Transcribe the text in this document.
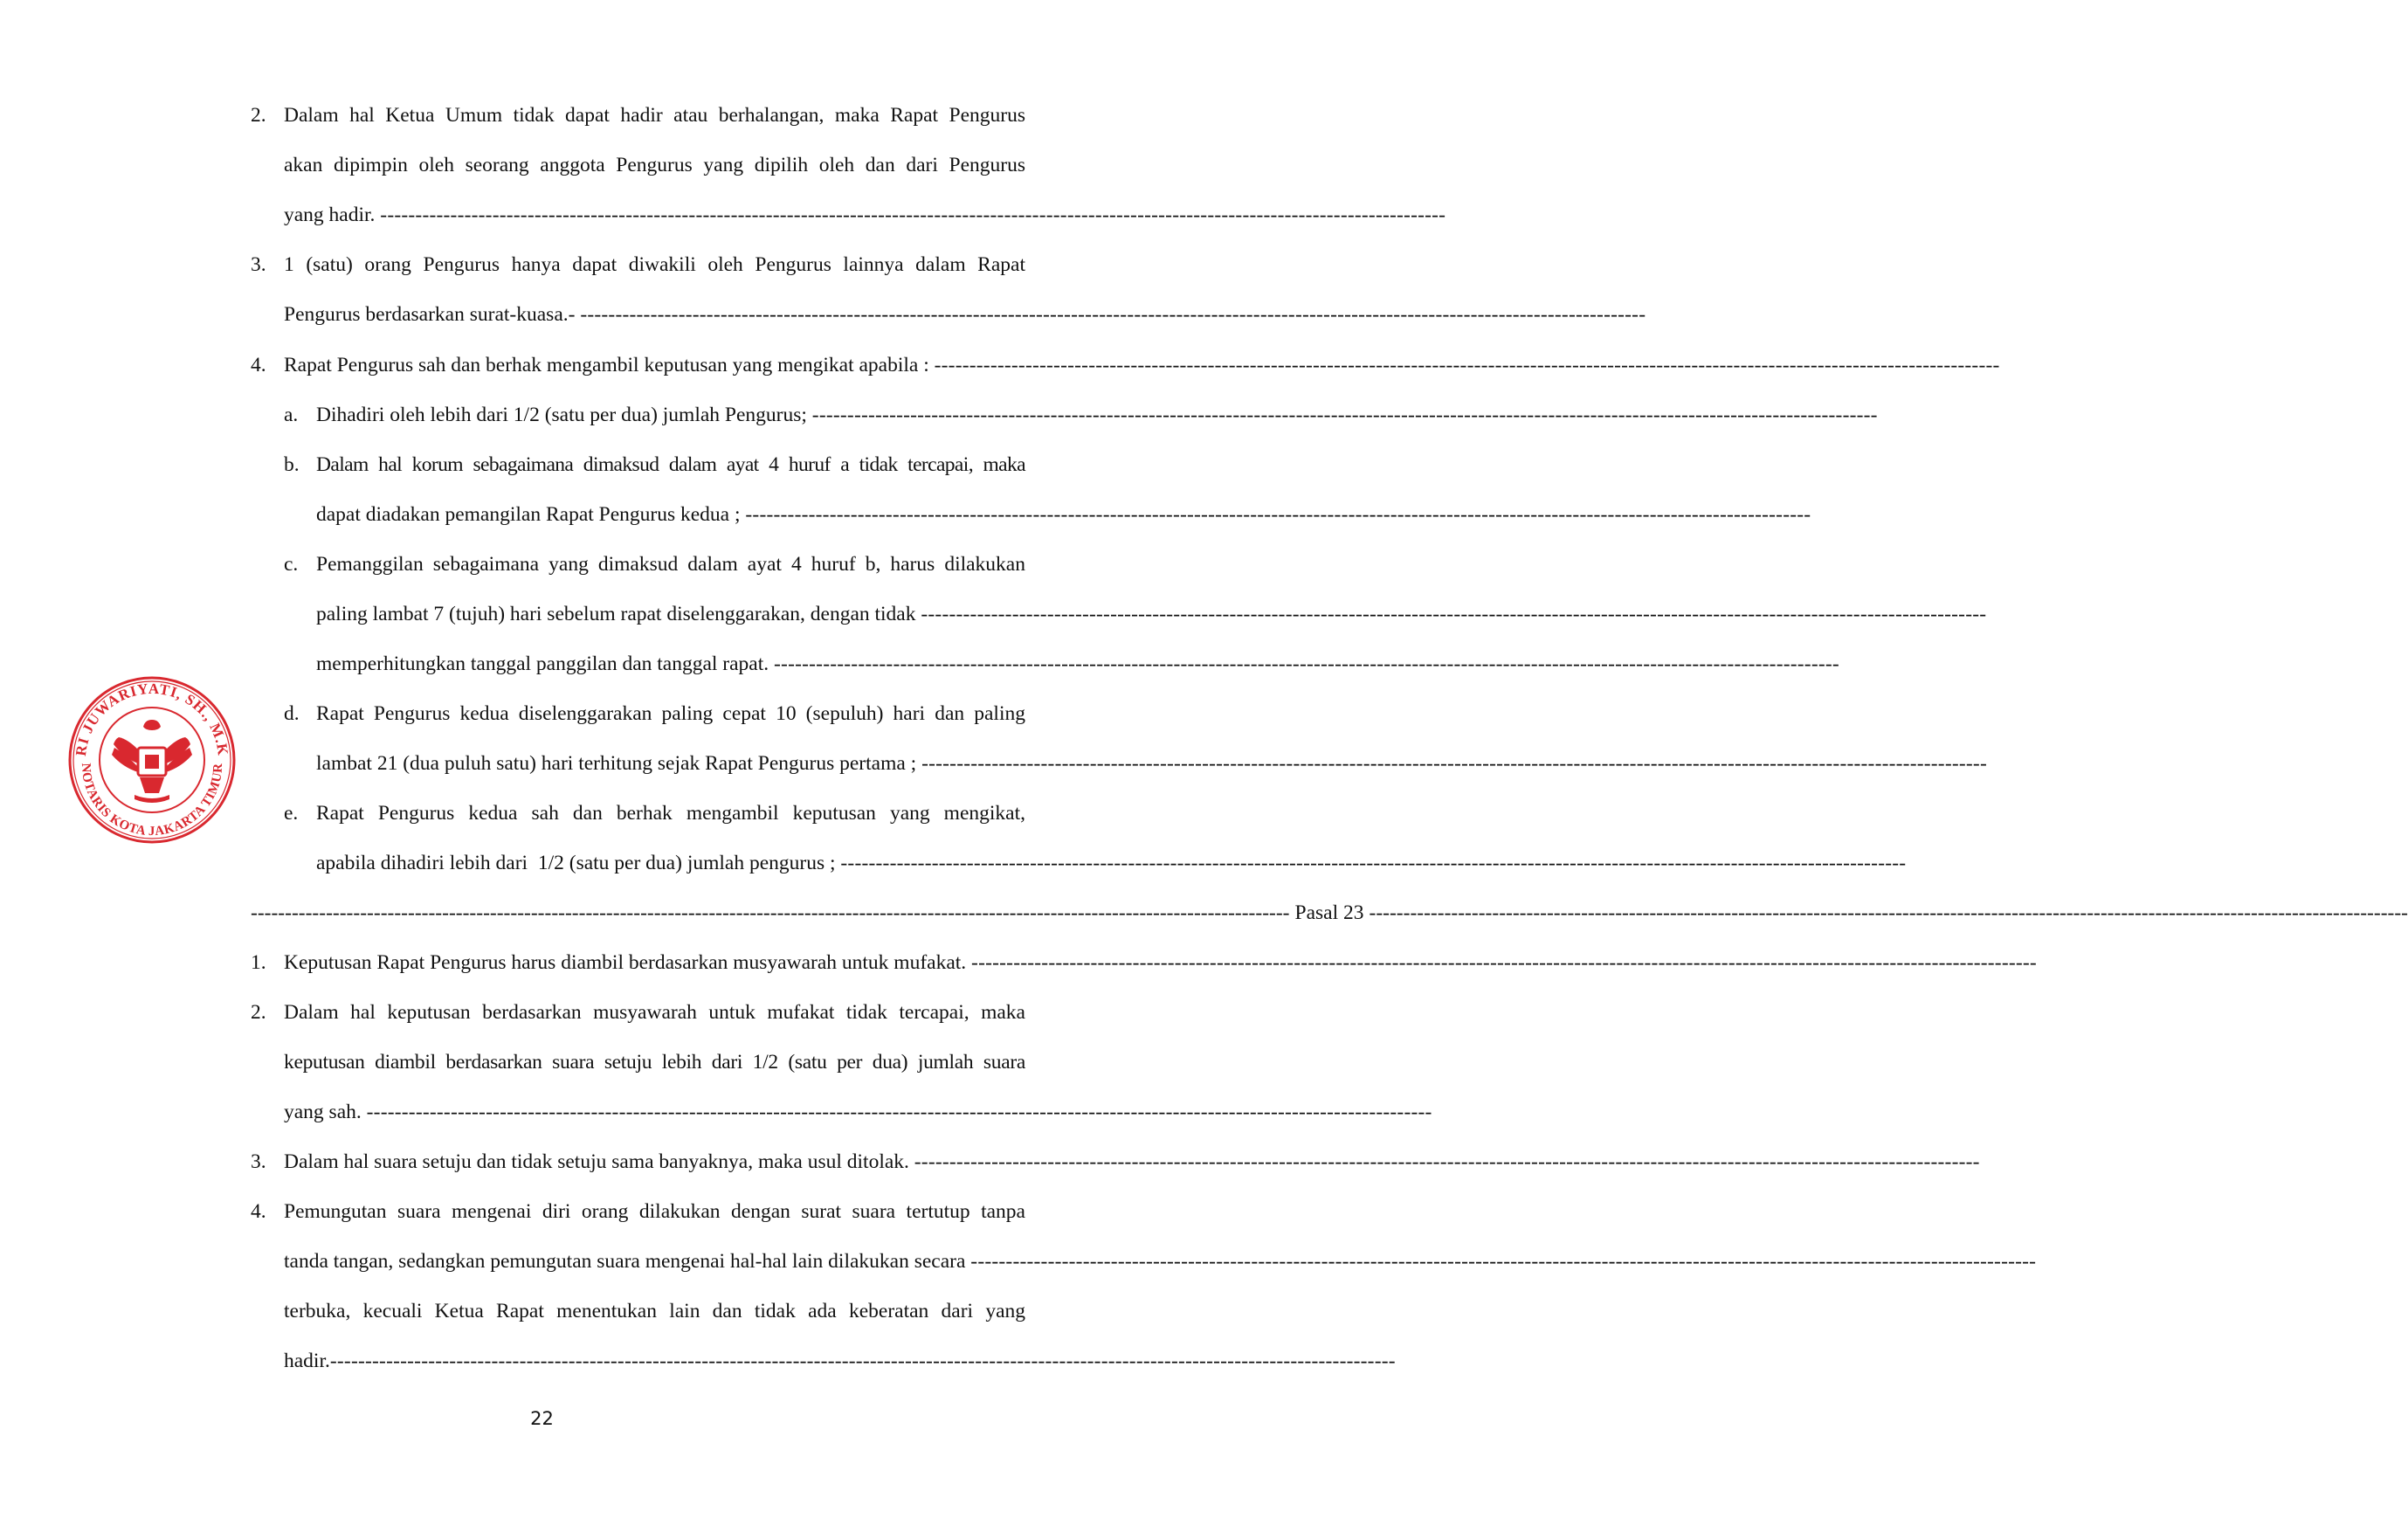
RI JUWARIYATI, SH., M.K
NOTARIS KOTA JAKARTA TIMUR
2. Dalam hal Ketua Umum tidak dapat hadir atau berhalangan, maka Rapat Pengurus
akan dipimpin oleh seorang anggota Pengurus yang dipilih oleh dan dari Pengurus
yang hadir. --------------------------------------------------------------------------------------------------------------------------------------------------------
3. 1 (satu) orang Pengurus hanya dapat diwakili oleh Pengurus lainnya dalam Rapat
Pengurus berdasarkan surat-kuasa.- --------------------------------------------------------------------------------------------------------------------------------------------------------
4. Rapat Pengurus sah dan berhak mengambil keputusan yang mengikat apabila : --------------------------------------------------------------------------------------------------------------------------------------------------------
a. Dihadiri oleh lebih dari 1/2 (satu per dua) jumlah Pengurus; --------------------------------------------------------------------------------------------------------------------------------------------------------
b. Dalam hal korum sebagaimana dimaksud dalam ayat 4 huruf a tidak tercapai, maka
dapat diadakan pemangilan Rapat Pengurus kedua ; --------------------------------------------------------------------------------------------------------------------------------------------------------
c. Pemanggilan sebagaimana yang dimaksud dalam ayat 4 huruf b, harus dilakukan
paling lambat 7 (tujuh) hari sebelum rapat diselenggarakan, dengan tidak --------------------------------------------------------------------------------------------------------------------------------------------------------
memperhitungkan tanggal panggilan dan tanggal rapat. --------------------------------------------------------------------------------------------------------------------------------------------------------
d. Rapat Pengurus kedua diselenggarakan paling cepat 10 (sepuluh) hari dan paling
lambat 21 (dua puluh satu) hari terhitung sejak Rapat Pengurus pertama ; --------------------------------------------------------------------------------------------------------------------------------------------------------
e. Rapat Pengurus kedua sah dan berhak mengambil keputusan yang mengikat,
apabila dihadiri lebih dari  1/2 (satu per dua) jumlah pengurus ; --------------------------------------------------------------------------------------------------------------------------------------------------------
-------------------------------------------------------------------------------------------------------------------------------------------------------- Pasal 23 --------------------------------------------------------------------------------------------------------------------------------------------------------
1. Keputusan Rapat Pengurus harus diambil berdasarkan musyawarah untuk mufakat. --------------------------------------------------------------------------------------------------------------------------------------------------------
2. Dalam hal keputusan berdasarkan musyawarah untuk mufakat tidak tercapai, maka
keputusan diambil berdasarkan suara setuju lebih dari 1/2 (satu per dua) jumlah suara
yang sah. --------------------------------------------------------------------------------------------------------------------------------------------------------
3. Dalam hal suara setuju dan tidak setuju sama banyaknya, maka usul ditolak. --------------------------------------------------------------------------------------------------------------------------------------------------------
4. Pemungutan suara mengenai diri orang dilakukan dengan surat suara tertutup tanpa
tanda tangan, sedangkan pemungutan suara mengenai hal-hal lain dilakukan secara --------------------------------------------------------------------------------------------------------------------------------------------------------
terbuka, kecuali Ketua Rapat menentukan lain dan tidak ada keberatan dari yang
hadir. --------------------------------------------------------------------------------------------------------------------------------------------------------
22
